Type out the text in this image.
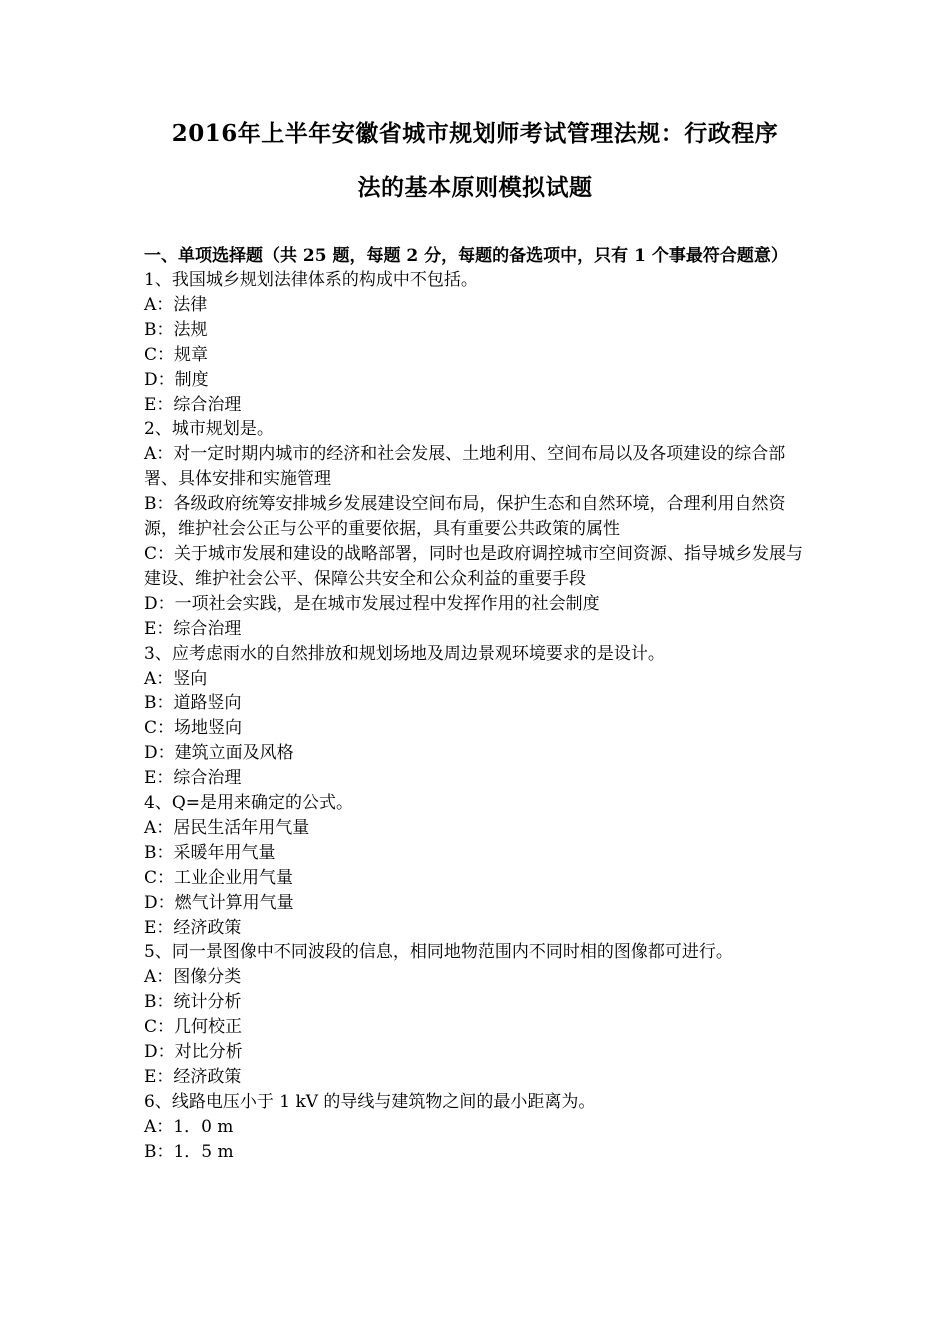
2016年上半年安徽省城市规划师考试管理法规：行政程序
法的基本原则模拟试题

一、单项选择题（共 25 题，每题 2 分，每题的备选项中，只有 1 个事最符合题意）

1、我国城乡规划法律体系的构成中不包括。

A：法律

B：法规

C：规章

D：制度

E：综合治理

2、城市规划是。

A：对一定时期内城市的经济和社会发展、土地利用、空间布局以及各项建设的综合部署、具体安排和实施管理

B：各级政府统筹安排城乡发展建设空间布局，保护生态和自然环境，合理利用自然资源，维护社会公正与公平的重要依据，具有重要公共政策的属性

C：关于城市发展和建设的战略部署，同时也是政府调控城市空间资源、指导城乡发展与建设、维护社会公平、保障公共安全和公众利益的重要手段

D：一项社会实践，是在城市发展过程中发挥作用的社会制度

E：综合治理

3、应考虑雨水的自然排放和规划场地及周边景观环境要求的是设计。

A：竖向

B：道路竖向

C：场地竖向

D：建筑立面及风格

E：综合治理

4、Q=是用来确定的公式。

A：居民生活年用气量

B：采暖年用气量

C：工业企业用气量

D：燃气计算用气量

E：经济政策

5、同一景图像中不同波段的信息，相同地物范围内不同时相的图像都可进行。

A：图像分类

B：统计分析

C：几何校正

D：对比分析

E：经济政策

6、线路电压小于 1 kV 的导线与建筑物之间的最小距离为。

A：1．0 m

B：1．5 m
